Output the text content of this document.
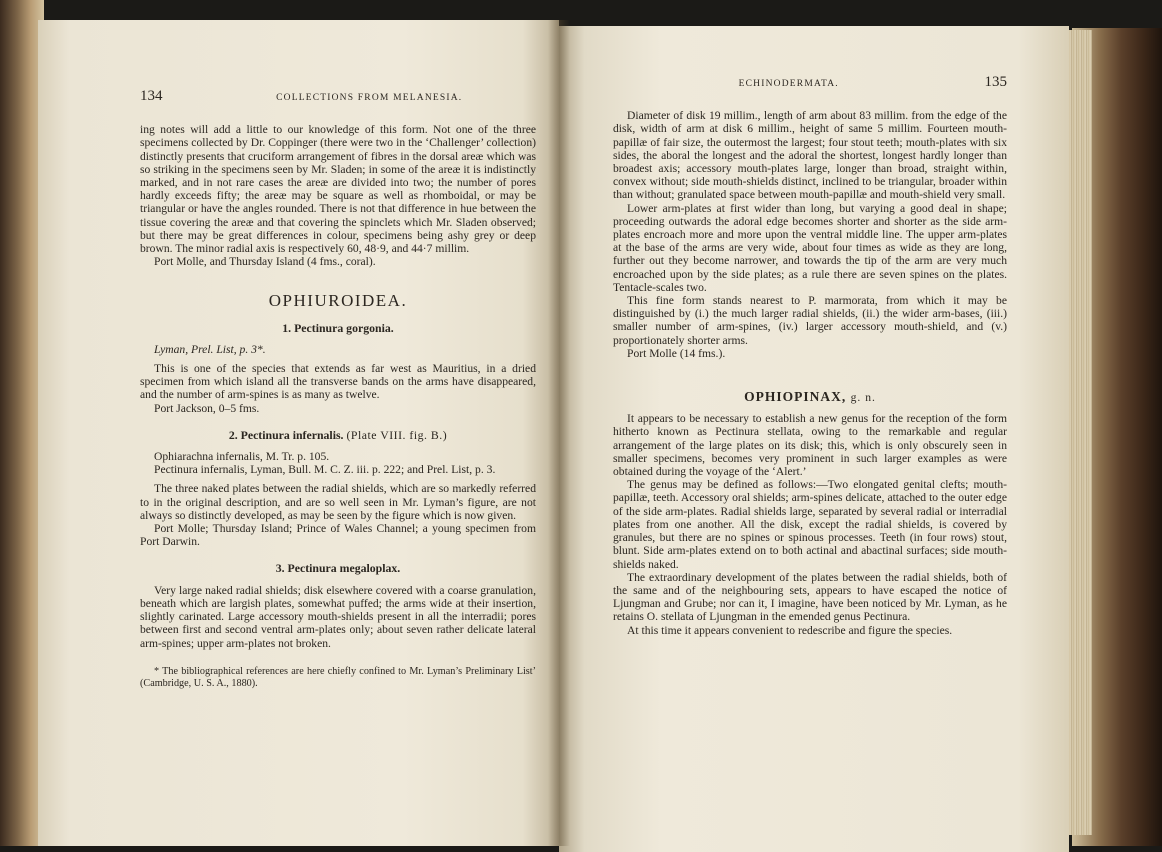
134	COLLECTIONS FROM MELANESIA.

ing notes will add a little to our knowledge of this form. Not one of the three specimens collected by Dr. Coppinger (there were two in the ‘Challenger’ collection) distinctly presents that cruciform arrangement of fibres in the dorsal areæ which was so striking in the specimens seen by Mr. Sladen; in some of the areæ it is indistinctly marked, and in not rare cases the areæ are divided into two; the number of pores hardly exceeds fifty; the areæ may be square as well as rhomboidal, or may be triangular or have the angles rounded. There is not that difference in hue between the tissue covering the areæ and that covering the spinclets which Mr. Sladen observed; but there may be great differences in colour, specimens being ashy grey or deep brown. The minor radial axis is respectively 60, 48·9, and 44·7 millim.

Port Molle, and Thursday Island (4 fms., coral).

OPHIUROIDEA.
1. Pectinura gorgonia.

Lyman, Prel. List, p. 3*.

This is one of the species that extends as far west as Mauritius, in a dried specimen from which island all the transverse bands on the arms have disappeared, and the number of arm-spines is as many as twelve.

Port Jackson, 0–5 fms.

2. Pectinura infernalis. (Plate VIII. fig. B.)

Ophiarachna infernalis, M. Tr. p. 105.

Pectinura infernalis, Lyman, Bull. M. C. Z. iii. p. 222; and Prel. List, p. 3.

The three naked plates between the radial shields, which are so markedly referred to in the original description, and are so well seen in Mr. Lyman’s figure, are not always so distinctly developed, as may be seen by the figure which is now given.

Port Molle; Thursday Island; Prince of Wales Channel; a young specimen from Port Darwin.

3. Pectinura megaloplax.

Very large naked radial shields; disk elsewhere covered with a coarse granulation, beneath which are largish plates, somewhat puffed; the arms wide at their insertion, slightly carinated. Large accessory mouth-shields present in all the interradii; pores between first and second ventral arm-plates only; about seven rather delicate lateral arm-spines; upper arm-plates not broken.

* The bibliographical references are here chiefly confined to Mr. Lyman’s Preliminary List’ (Cambridge, U. S. A., 1880).

ECHINODERMATA.	135

Diameter of disk 19 millim., length of arm about 83 millim. from the edge of the disk, width of arm at disk 6 millim., height of same 5 millim. Fourteen mouth-papillæ of fair size, the outermost the largest; four stout teeth; mouth-plates with six sides, the aboral the longest and the adoral the shortest, longest hardly longer than broadest axis; accessory mouth-plates large, longer than broad, straight within, convex without; side mouth-shields distinct, inclined to be triangular, broader within than without; granulated space between mouth-papillæ and mouth-shield very small.

Lower arm-plates at first wider than long, but varying a good deal in shape; proceeding outwards the adoral edge becomes shorter and shorter as the side arm-plates encroach more and more upon the ventral middle line. The upper arm-plates at the base of the arms are very wide, about four times as wide as they are long, further out they become narrower, and towards the tip of the arm are very much encroached upon by the side plates; as a rule there are seven spines on the plates. Tentacle-scales two.

This fine form stands nearest to P. marmorata, from which it may be distinguished by (i.) the much larger radial shields, (ii.) the wider arm-bases, (iii.) smaller number of arm-spines, (iv.) larger accessory mouth-shield, and (v.) proportionately shorter arms.

Port Molle (14 fms.).

OPHIOPINAX, g. n.

It appears to be necessary to establish a new genus for the reception of the form hitherto known as Pectinura stellata, owing to the remarkable and regular arrangement of the large plates on its disk; this, which is only obscurely seen in smaller specimens, becomes very prominent in such larger examples as were obtained during the voyage of the ‘Alert.’

The genus may be defined as follows:—Two elongated genital clefts; mouth-papillæ, teeth. Accessory oral shields; arm-spines delicate, attached to the outer edge of the side arm-plates. Radial shields large, separated by several radial or interradial plates from one another. All the disk, except the radial shields, is covered by granules, but there are no spines or spinous processes. Teeth (in four rows) stout, blunt. Side arm-plates extend on to both actinal and abactinal surfaces; side mouth-shields naked.

The extraordinary development of the plates between the radial shields, both of the same and of the neighbouring sets, appears to have escaped the notice of Ljungman and Grube; nor can it, I imagine, have been noticed by Mr. Lyman, as he retains O. stellata of Ljungman in the emended genus Pectinura.

At this time it appears convenient to redescribe and figure the species.
